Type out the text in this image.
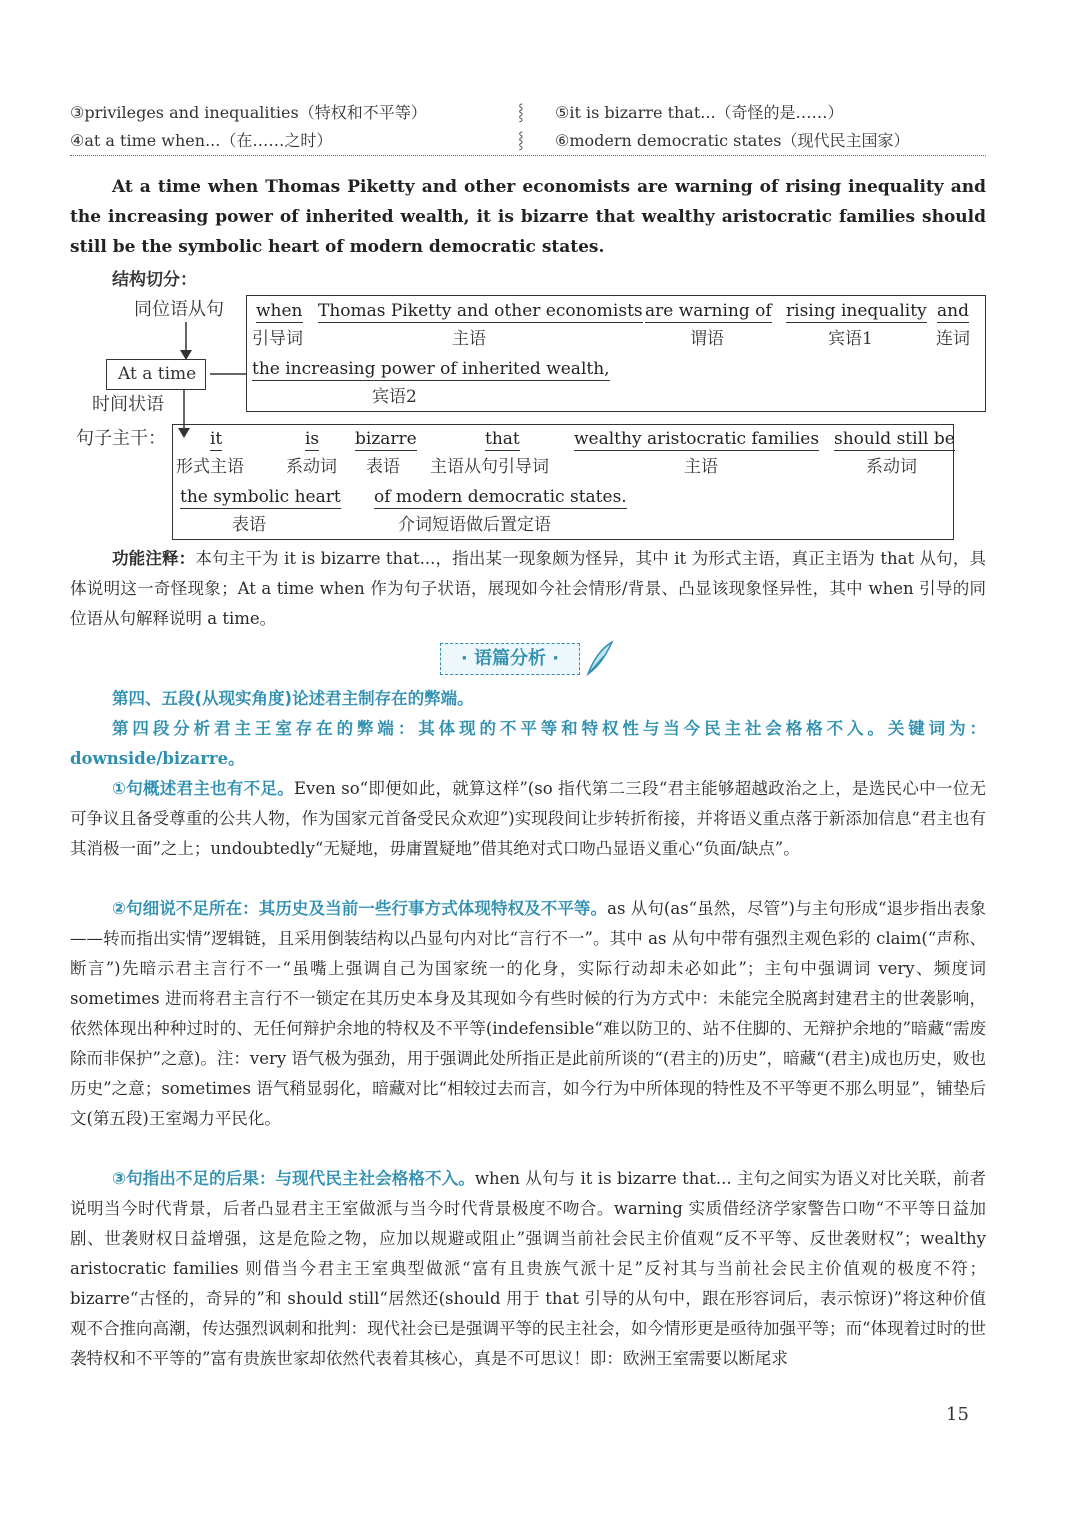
③privileges and inequalities（特权和不平等）
④at a time when...（在……之时）
⸾
⸾
⑤it is bizarre that...（奇怪的是……）
⑥modern democratic states（现代民主国家）
At a time when Thomas Piketty and other economists are warning of rising inequality and the increasing power of inherited wealth, it is bizarre that wealthy aristocratic families should still be the symbolic heart of modern democratic states.
结构切分：
同位语从句 when
引导词
Thomas Piketty and other economists
主语
are warning of
谓语
rising inequality
宾语1
and
连词
the increasing power of inherited wealth,
宾语2
At a time
时间状语
句子主干：	it
形式主语
is
系动词
bizarre
表语
that
主语从句引导词
wealthy aristocratic families
主语
should still be
系动词
the symbolic heart
表语
of modern democratic states.
介词短语做后置定语
功能注释：本句主干为 it is bizarre that...，指出某一现象颇为怪异，其中 it 为形式主语，真正主语为 that 从句，具体说明这一奇怪现象；At a time when 作为句子状语，展现如今社会情形/背景、凸显该现象怪异性，其中 when 引导的同位语从句解释说明 a time。
· 语篇分析 ·
第四、五段(从现实角度)论述君主制存在的弊端。
第四段分析君主王室存在的弊端：其体现的不平等和特权性与当今民主社会格格不入。关键词为：downside/bizarre。
①句概述君主也有不足。Even so“即便如此，就算这样”(so 指代第二三段“君主能够超越政治之上，是选民心中一位无可争议且备受尊重的公共人物，作为国家元首备受民众欢迎”)实现段间让步转折衔接，并将语义重点落于新添加信息“君主也有其消极一面”之上；undoubtedly“无疑地，毋庸置疑地”借其绝对式口吻凸显语义重心“负面/缺点”。
②句细说不足所在：其历史及当前一些行事方式体现特权及不平等。as 从句(as“虽然，尽管”)与主句形成“退步指出表象——转而指出实情”逻辑链，且采用倒装结构以凸显句内对比“言行不一”。其中 as 从句中带有强烈主观色彩的 claim(“声称、断言”)先暗示君主言行不一“虽嘴上强调自己为国家统一的化身，实际行动却未必如此”；主句中强调词 very、频度词 sometimes 进而将君主言行不一锁定在其历史本身及其现如今有些时候的行为方式中：未能完全脱离封建君主的世袭影响，依然体现出种种过时的、无任何辩护余地的特权及不平等(indefensible“难以防卫的、站不住脚的、无辩护余地的”暗藏“需废除而非保护”之意)。注：very 语气极为强劲，用于强调此处所指正是此前所谈的“(君主的)历史”，暗藏“(君主)成也历史，败也历史”之意；sometimes 语气稍显弱化，暗藏对比“相较过去而言，如今行为中所体现的特性及不平等更不那么明显”，铺垫后文(第五段)王室竭力平民化。
③句指出不足的后果：与现代民主社会格格不入。when 从句与 it is bizarre that... 主句之间实为语义对比关联，前者说明当今时代背景，后者凸显君主王室做派与当今时代背景极度不吻合。warning 实质借经济学家警告口吻“不平等日益加剧、世袭财权日益增强，这是危险之物，应加以规避或阻止”强调当前社会民主价值观“反不平等、反世袭财权”；wealthy aristocratic families 则借当今君主王室典型做派“富有且贵族气派十足”反衬其与当前社会民主价值观的极度不符；bizarre“古怪的，奇异的”和 should still“居然还(should 用于 that 引导的从句中，跟在形容词后，表示惊讶)”将这种价值观不合推向高潮，传达强烈讽刺和批判：现代社会已是强调平等的民主社会，如今情形更是亟待加强平等；而“体现着过时的世袭特权和不平等的”富有贵族世家却依然代表着其核心，真是不可思议！即：欧洲王室需要以断尾求
15
